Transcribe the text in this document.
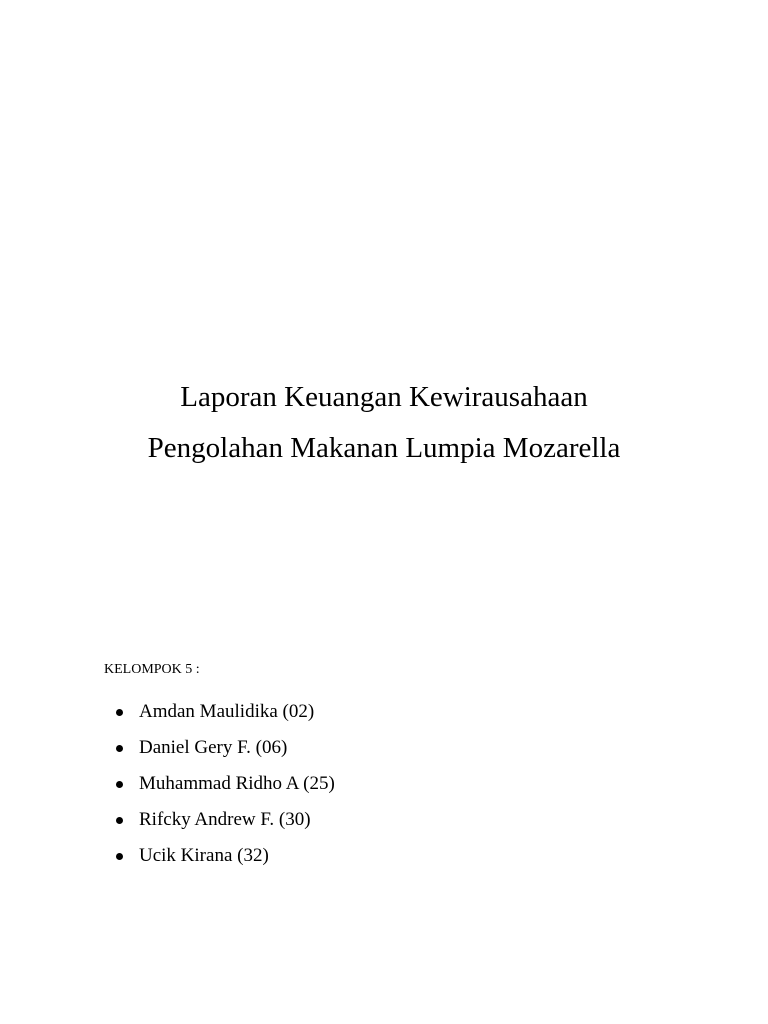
Laporan Keuangan Kewirausahaan

Pengolahan Makanan Lumpia Mozarella

KELOMPOK 5 :
Amdan Maulidika (02)
Daniel Gery F. (06)
Muhammad Ridho A (25)
Rifcky Andrew F. (30)
Ucik Kirana (32)
